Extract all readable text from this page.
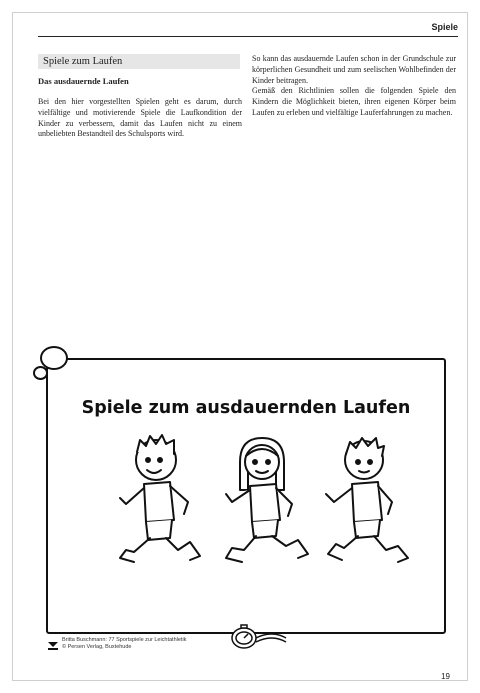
Spiele
Spiele zum Laufen
Das ausdauernde Laufen

Bei den hier vorgestellten Spielen geht es darum, durch vielfältige und motivierende Spiele die Laufkondition der Kinder zu verbessern, damit das Laufen nicht zu einem unbeliebten Bestandteil des Schulsports wird.

So kann das ausdauernde Laufen schon in der Grundschule zur körperlichen Gesundheit und zum seelischen Wohlbefinden der Kinder beitragen.

Gemäß den Richtlinien sollen die folgenden Spiele den Kindern die Möglichkeit bieten, ihren eigenen Körper beim Laufen zu erleben und vielfältige Lauferfahrungen zu machen.

Spiele zum ausdauernden Laufen
Britta Buschmann: 77 Sportspiele zur Leichtathletik
© Persen Verlag, Buxtehude
19
